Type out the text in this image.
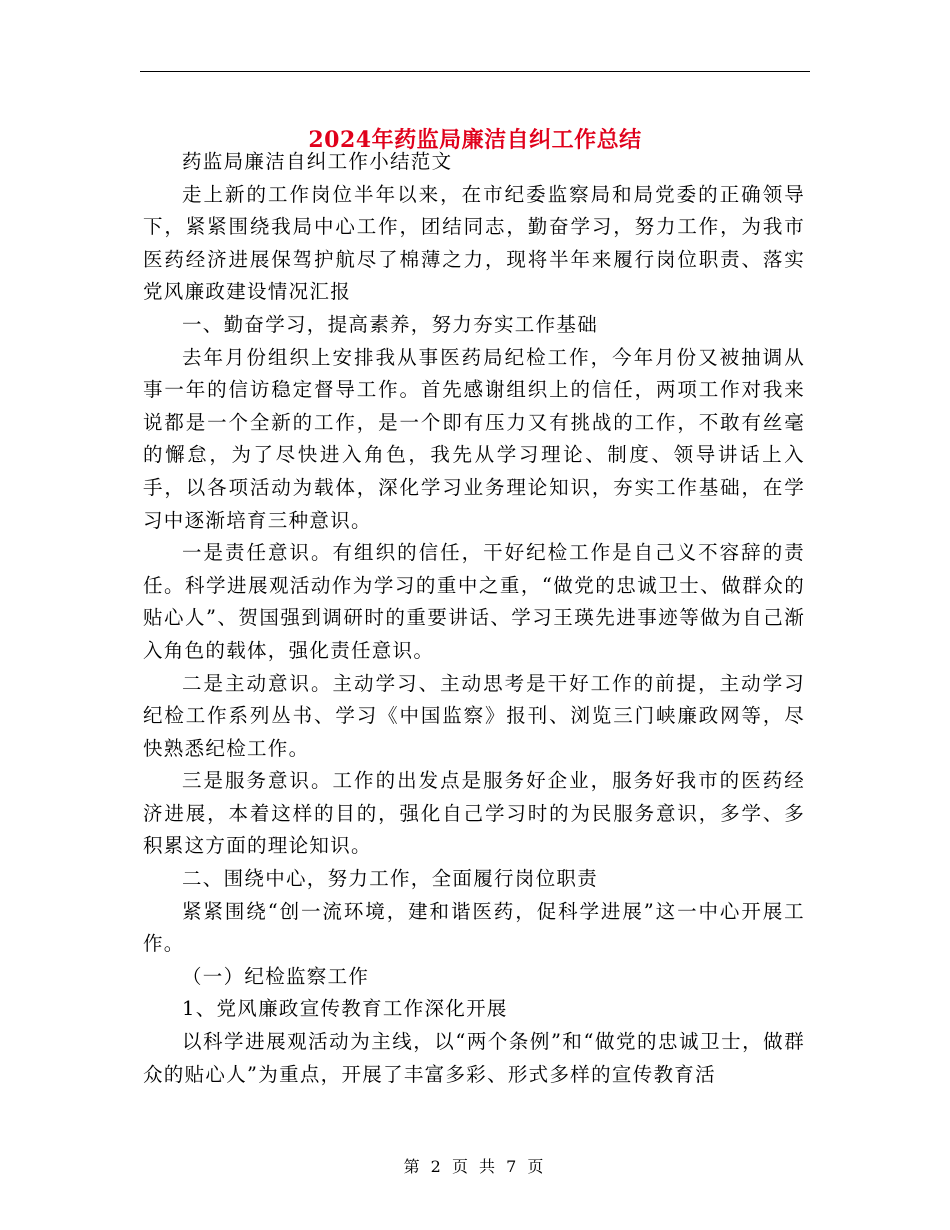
2024年药监局廉洁自纠工作总结

药监局廉洁自纠工作小结范文

走上新的工作岗位半年以来，在市纪委监察局和局党委的正确领导下，紧紧围绕我局中心工作，团结同志，勤奋学习，努力工作，为我市医药经济进展保驾护航尽了棉薄之力，现将半年来履行岗位职责、落实党风廉政建设情况汇报

一、勤奋学习，提高素养，努力夯实工作基础

去年月份组织上安排我从事医药局纪检工作，今年月份又被抽调从事一年的信访稳定督导工作。首先感谢组织上的信任，两项工作对我来说都是一个全新的工作，是一个即有压力又有挑战的工作，不敢有丝毫的懈怠，为了尽快进入角色，我先从学习理论、制度、领导讲话上入手，以各项活动为载体，深化学习业务理论知识，夯实工作基础，在学习中逐渐培育三种意识。

一是责任意识。有组织的信任，干好纪检工作是自己义不容辞的责任。科学进展观活动作为学习的重中之重，“做党的忠诚卫士、做群众的贴心人”、贺国强到调研时的重要讲话、学习王瑛先进事迹等做为自己渐入角色的载体，强化责任意识。

二是主动意识。主动学习、主动思考是干好工作的前提，主动学习纪检工作系列丛书、学习《中国监察》报刊、浏览三门峡廉政网等，尽快熟悉纪检工作。

三是服务意识。工作的出发点是服务好企业，服务好我市的医药经济进展，本着这样的目的，强化自己学习时的为民服务意识，多学、多积累这方面的理论知识。

二、围绕中心，努力工作，全面履行岗位职责

紧紧围绕“创一流环境，建和谐医药，促科学进展”这一中心开展工作。

（一）纪检监察工作

1、党风廉政宣传教育工作深化开展

以科学进展观活动为主线，以“两个条例”和“做党的忠诚卫士，做群众的贴心人”为重点，开展了丰富多彩、形式多样的宣传教育活

第 2 页 共 7 页
